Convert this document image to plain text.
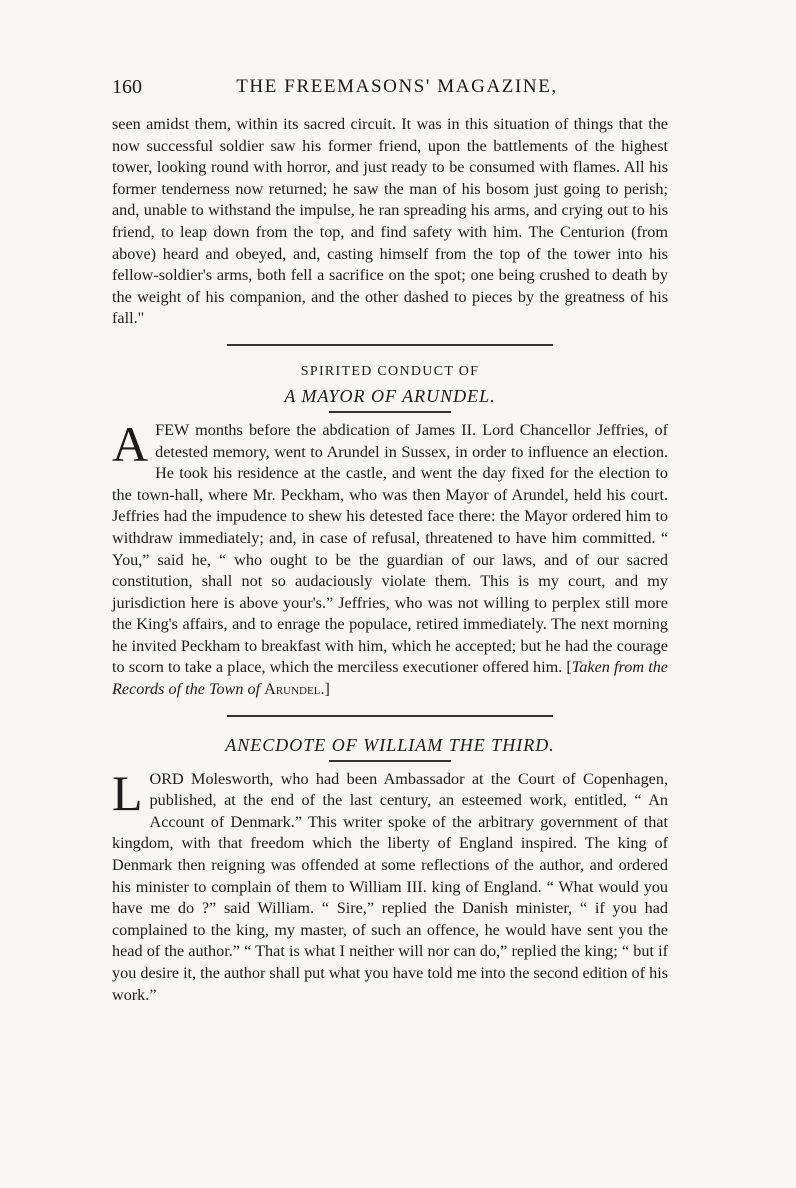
160	THE FREEMASONS' MAGAZINE,

seen amidst them, within its sacred circuit. It was in this situation of things that the now successful soldier saw his former friend, upon the battlements of the highest tower, looking round with horror, and just ready to be consumed with flames. All his former tenderness now returned; he saw the man of his bosom just going to perish; and, unable to withstand the impulse, he ran spreading his arms, and crying out to his friend, to leap down from the top, and find safety with him. The Centurion (from above) heard and obeyed, and, casting himself from the top of the tower into his fellow-soldier's arms, both fell a sacrifice on the spot; one being crushed to death by the weight of his companion, and the other dashed to pieces by the greatness of his fall."

SPIRITED CONDUCT OF
A MAYOR OF ARUNDEL.
A FEW months before the abdication of James II. Lord Chancellor Jeffries, of detested memory, went to Arundel in Sussex, in order to influence an election. He took his residence at the castle, and went the day fixed for the election to the town-hall, where Mr. Peckham, who was then Mayor of Arundel, held his court. Jeffries had the impudence to shew his detested face there: the Mayor ordered him to withdraw immediately; and, in case of refusal, threatened to have him committed. “ You,” said he, “ who ought to be the guardian of our laws, and of our sacred constitution, shall not so audaciously violate them. This is my court, and my jurisdiction here is above your's.” Jeffries, who was not willing to perplex still more the King's affairs, and to enrage the populace, retired immediately. The next morning he invited Peckham to breakfast with him, which he accepted; but he had the courage to scorn to take a place, which the merciless executioner offered him. [Taken from the Records of the Town of Arundel.]

ANECDOTE OF WILLIAM THE THIRD.
L ORD Molesworth, who had been Ambassador at the Court of Copenhagen, published, at the end of the last century, an esteemed work, entitled, “ An Account of Denmark.” This writer spoke of the arbitrary government of that kingdom, with that freedom which the liberty of England inspired. The king of Denmark then reigning was offended at some reflections of the author, and ordered his minister to complain of them to William III. king of England. “ What would you have me do ?” said William. “ Sire,” replied the Danish minister, “ if you had complained to the king, my master, of such an offence, he would have sent you the head of the author.” “ That is what I neither will nor can do,” replied the king; “ but if you desire it, the author shall put what you have told me into the second edition of his work.”
